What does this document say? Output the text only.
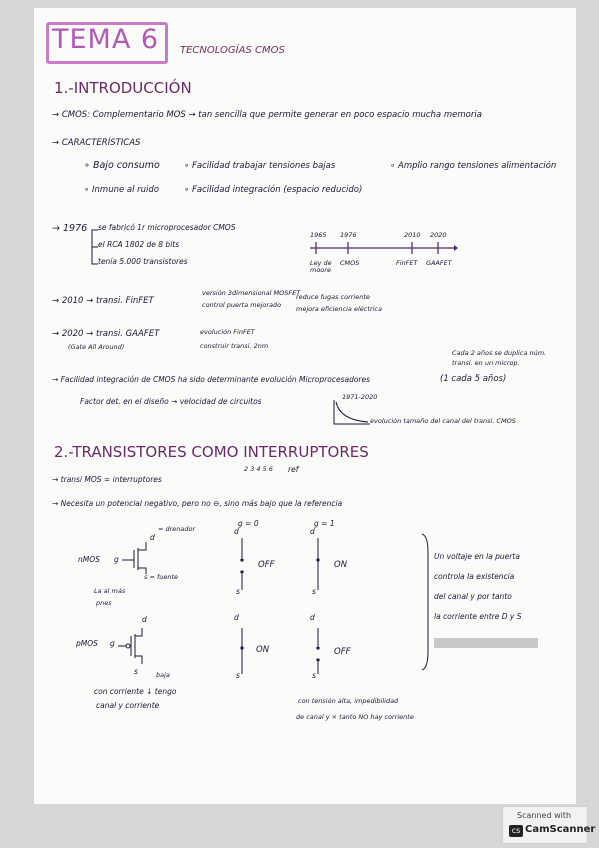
TEMA 6 TECNOLOGÍAS CMOS
1.-INTRODUCCIÓN
→ CMOS: Complementario MOS → tan sencilla que permite generar en poco espacio mucha memoria
→ CARACTERÍSTICAS
∘ Bajo consumo	∘ Facilidad trabajar tensiones bajas	∘ Amplio rango tensiones alimentación
∘ Inmune al ruido	∘ Facilidad integración (espacio reducido)
→ 1976 se fabricó 1r microprocesador CMOS
el RCA 1802 de 8 bits
tenía 5.000 transistores
1965 1976	2010 2020
Ley de moore
CMOS	FinFET GAAFET
→ 2010 → transi. FinFET
versión 3dimensional MOSFET
control puerta mejorado
reduce fugas corriente
mejora eficiencia eléctrica
→ 2020 → transi. GAAFET
(Gate All Around)
evolución FinFET
construir transi. 2nm
Cada 2 años se duplica núm.
transi. en un microp.
(1 cada 5 años)
→ Facilidad integración de CMOS ha sido determinante evolución Microprocesadores
Factor det. en el diseño → velocidad de circuitos	1971-2020
evolución tamaño del canal del transi. CMOS
2.-TRANSISTORES COMO INTERRUPTORES
→ transi MOS = interruptores
2 3 4 5 6 ref
→ Necesita un potencial negativo, pero no ⊖, sino más bajo que la referencia
nMOS g
d
= drenador
s = fuente
La al más
pnes
pMOS g
d
s
g = 0	g = 1
d
s
OFF
d
s
ON
d
s
ON
d
s
OFF
Un voltaje en la puerta
controla la existencia
del canal y por tanto
la corriente entre D y S
baja
con corriente ↓ tengo
canal y corriente	con tensión alta, impedibilidad
de canal y × tanto NO hay corriente
Scanned with
cs CamScanner
